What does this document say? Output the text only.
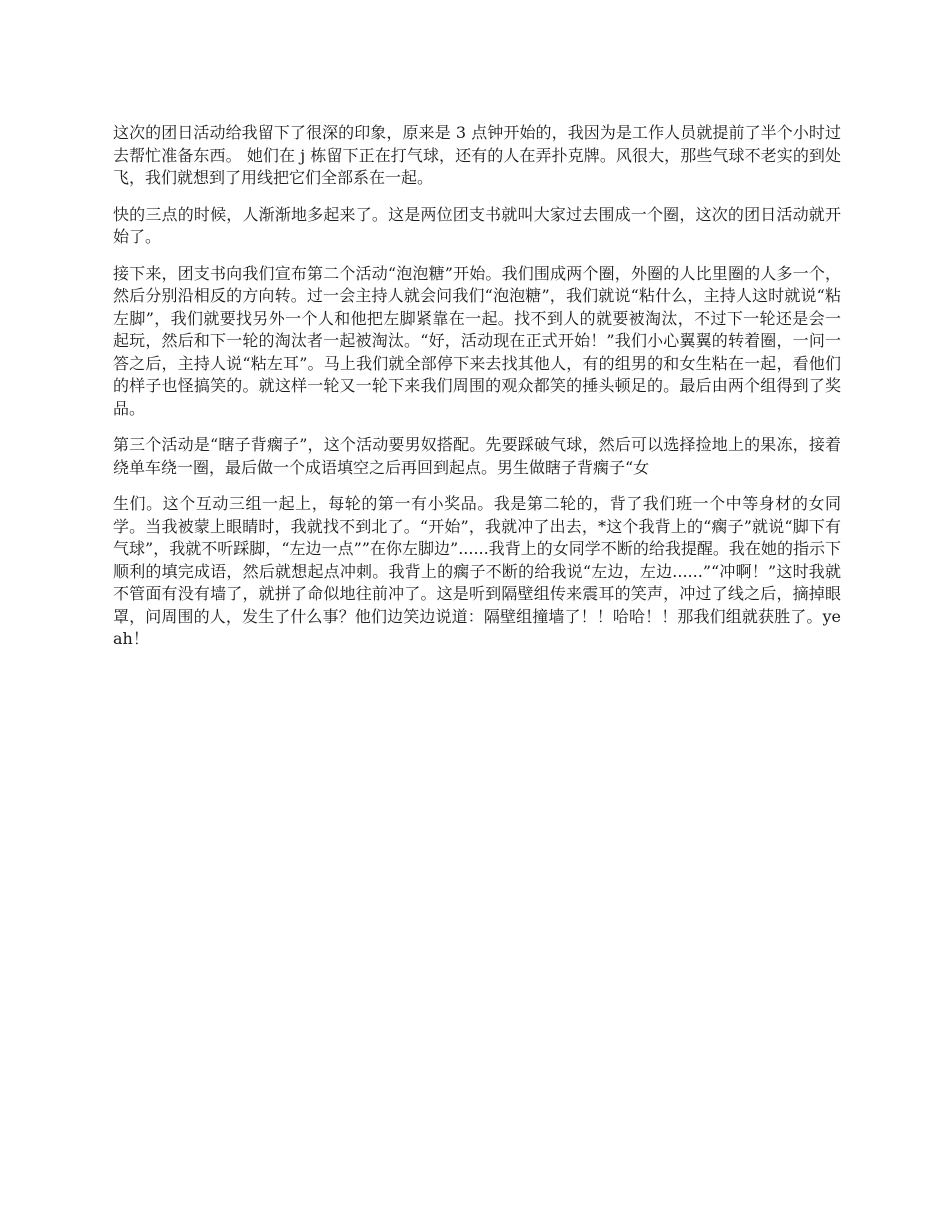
这次的团日活动给我留下了很深的印象，原来是 3 点钟开始的，我因为是工作人员就提前了半个小时过去帮忙准备东西。 她们在 j 栋留下正在打气球，还有的人在弄扑克牌。风很大，那些气球不老实的到处飞，我们就想到了用线把它们全部系在一起。

快的三点的时候，人渐渐地多起来了。这是两位团支书就叫大家过去围成一个圈，这次的团日活动就开始了。

接下来，团支书向我们宣布第二个活动“泡泡糖”开始。我们围成两个圈，外圈的人比里圈的人多一个，然后分别沿相反的方向转。过一会主持人就会问我们“泡泡糖”，我们就说“粘什么，主持人这时就说“粘左脚”，我们就要找另外一个人和他把左脚紧靠在一起。找不到人的就要被淘汰，不过下一轮还是会一起玩，然后和下一轮的淘汰者一起被淘汰。“好，活动现在正式开始！”我们小心翼翼的转着圈，一问一答之后，主持人说“粘左耳”。马上我们就全部停下来去找其他人，有的组男的和女生粘在一起，看他们的样子也怪搞笑的。就这样一轮又一轮下来我们周围的观众都笑的捶头顿足的。最后由两个组得到了奖品。

第三个活动是“瞎子背瘸子”，这个活动要男奴搭配。先要踩破气球，然后可以选择捡地上的果冻，接着绕单车绕一圈，最后做一个成语填空之后再回到起点。男生做瞎子背瘸子“女

生们。这个互动三组一起上，每轮的第一有小奖品。我是第二轮的，背了我们班一个中等身材的女同学。当我被蒙上眼睛时，我就找不到北了。“开始”，我就冲了出去，*这个我背上的“瘸子”就说“脚下有气球”，我就不听踩脚，“左边一点””在你左脚边”......我背上的女同学不断的给我提醒。我在她的指示下顺利的填完成语，然后就想起点冲刺。我背上的瘸子不断的给我说“左边，左边......”“冲啊！”这时我就不管面有没有墙了，就拼了命似地往前冲了。这是听到隔壁组传来震耳的笑声，冲过了线之后，摘掉眼罩，问周围的人，发生了什么事？他们边笑边说道：隔壁组撞墙了！！哈哈！！那我们组就获胜了。yeah！
